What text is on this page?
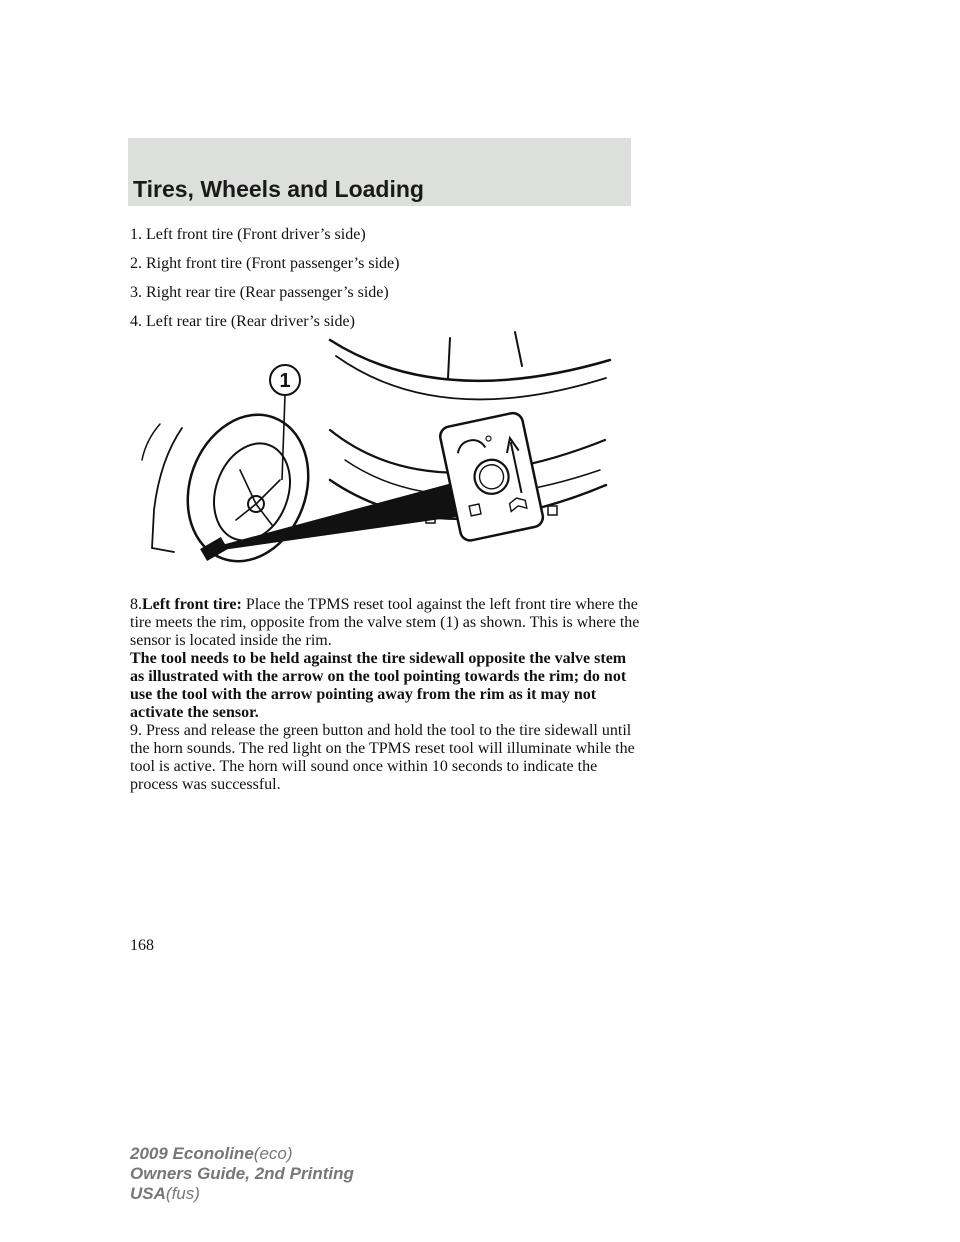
Tires, Wheels and Loading
1. Left front tire (Front driver’s side)
2. Right front tire (Front passenger’s side)
3. Right rear tire (Rear passenger’s side)
4. Left rear tire (Rear driver’s side)
1

8.Left front tire: Place the TPMS reset tool against the left front tire where the tire meets the rim, opposite from the valve stem (1) as shown. This is where the sensor is located inside the rim.
The tool needs to be held against the tire sidewall opposite the valve stem as illustrated with the arrow on the tool pointing towards the rim; do not use the tool with the arrow pointing away from the rim as it may not activate the sensor.

9. Press and release the green button and hold the tool to the tire sidewall until the horn sounds. The red light on the TPMS reset tool will illuminate while the tool is active. The horn will sound once within 10 seconds to indicate the process was successful.

168
2009 Econoline(eco)
Owners Guide, 2nd Printing
USA(fus)
